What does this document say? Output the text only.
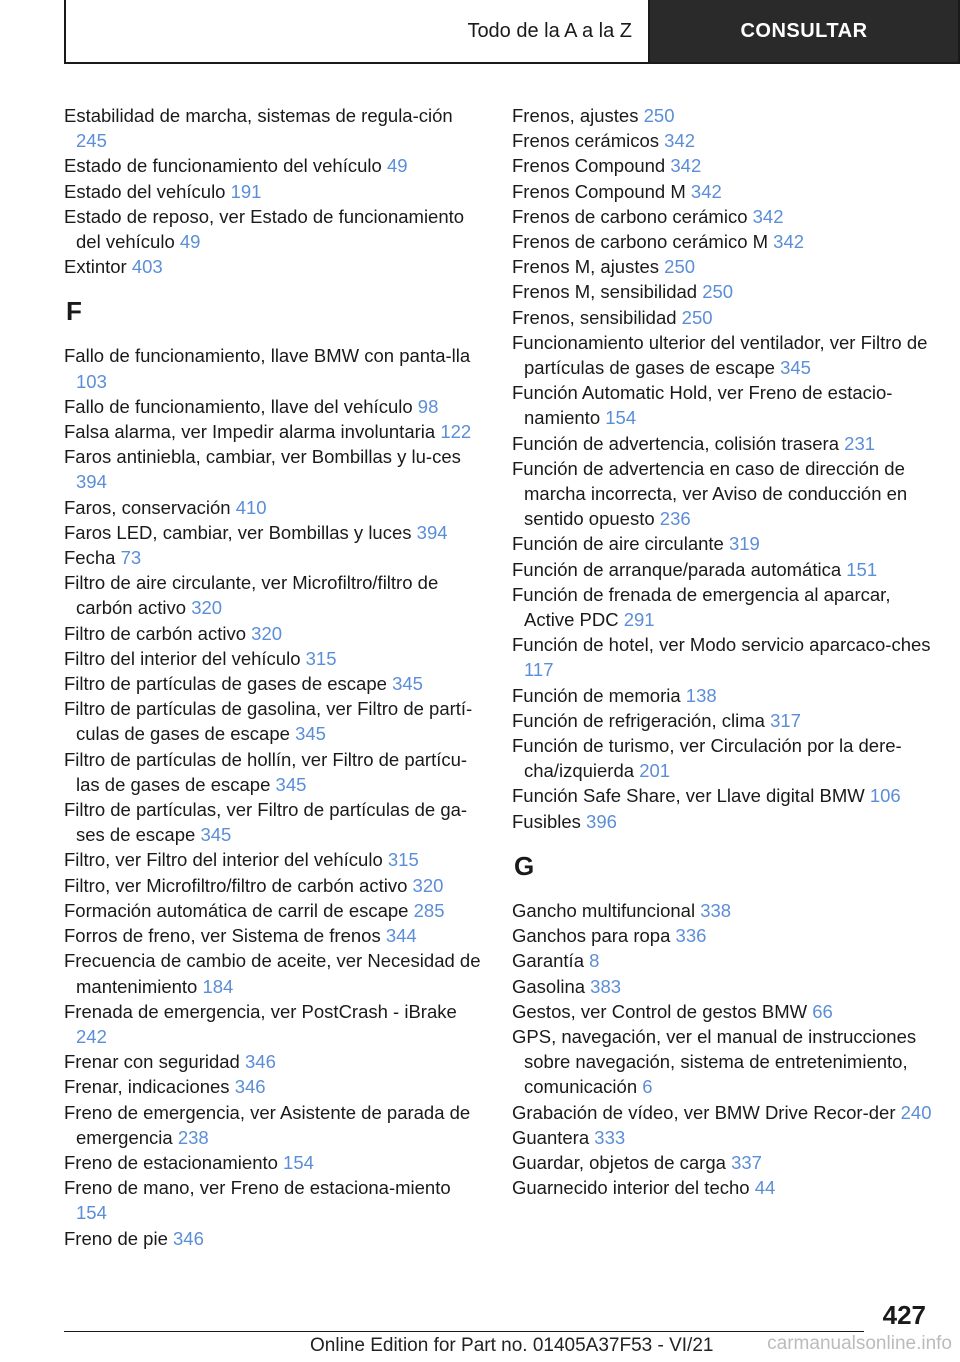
Todo de la A a la Z	CONSULTAR
Estabilidad de marcha, sistemas de regula-ción 245
Estado de funcionamiento del vehículo 49
Estado del vehículo 191
Estado de reposo, ver Estado de funcionamiento del vehículo 49
Extintor 403
F
Fallo de funcionamiento, llave BMW con panta-lla 103
Fallo de funcionamiento, llave del vehículo 98
Falsa alarma, ver Impedir alarma involuntaria 122
Faros antiniebla, cambiar, ver Bombillas y lu-ces 394
Faros, conservación 410
Faros LED, cambiar, ver Bombillas y luces 394
Fecha 73
Filtro de aire circulante, ver Microfiltro/filtro de carbón activo 320
Filtro de carbón activo 320
Filtro del interior del vehículo 315
Filtro de partículas de gases de escape 345
Filtro de partículas de gasolina, ver Filtro de partí-culas de gases de escape 345
Filtro de partículas de hollín, ver Filtro de partícu-las de gases de escape 345
Filtro de partículas, ver Filtro de partículas de ga-ses de escape 345
Filtro, ver Filtro del interior del vehículo 315
Filtro, ver Microfiltro/filtro de carbón activo 320
Formación automática de carril de escape 285
Forros de freno, ver Sistema de frenos 344
Frecuencia de cambio de aceite, ver Necesidad de mantenimiento 184
Frenada de emergencia, ver PostCrash - iBrake 242
Frenar con seguridad 346
Frenar, indicaciones 346
Freno de emergencia, ver Asistente de parada de emergencia 238
Freno de estacionamiento 154
Freno de mano, ver Freno de estaciona-miento 154
Freno de pie 346
Frenos, ajustes 250
Frenos cerámicos 342
Frenos Compound 342
Frenos Compound M 342
Frenos de carbono cerámico 342
Frenos de carbono cerámico M 342
Frenos M, ajustes 250
Frenos M, sensibilidad 250
Frenos, sensibilidad 250
Funcionamiento ulterior del ventilador, ver Filtro de partículas de gases de escape 345
Función Automatic Hold, ver Freno de estacio-namiento 154
Función de advertencia, colisión trasera 231
Función de advertencia en caso de dirección de marcha incorrecta, ver Aviso de conducción en sentido opuesto 236
Función de aire circulante 319
Función de arranque/parada automática 151
Función de frenada de emergencia al aparcar, Active PDC 291
Función de hotel, ver Modo servicio aparcaco-ches 117
Función de memoria 138
Función de refrigeración, clima 317
Función de turismo, ver Circulación por la dere-cha/izquierda 201
Función Safe Share, ver Llave digital BMW 106
Fusibles 396
G
Gancho multifuncional 338
Ganchos para ropa 336
Garantía 8
Gasolina 383
Gestos, ver Control de gestos BMW 66
GPS, navegación, ver el manual de instrucciones sobre navegación, sistema de entretenimiento, comunicación 6
Grabación de vídeo, ver BMW Drive Recor-der 240
Guantera 333
Guardar, objetos de carga 337
Guarnecido interior del techo 44
427
Online Edition for Part no. 01405A37F53 - VI/21	carmanualsonline.info
